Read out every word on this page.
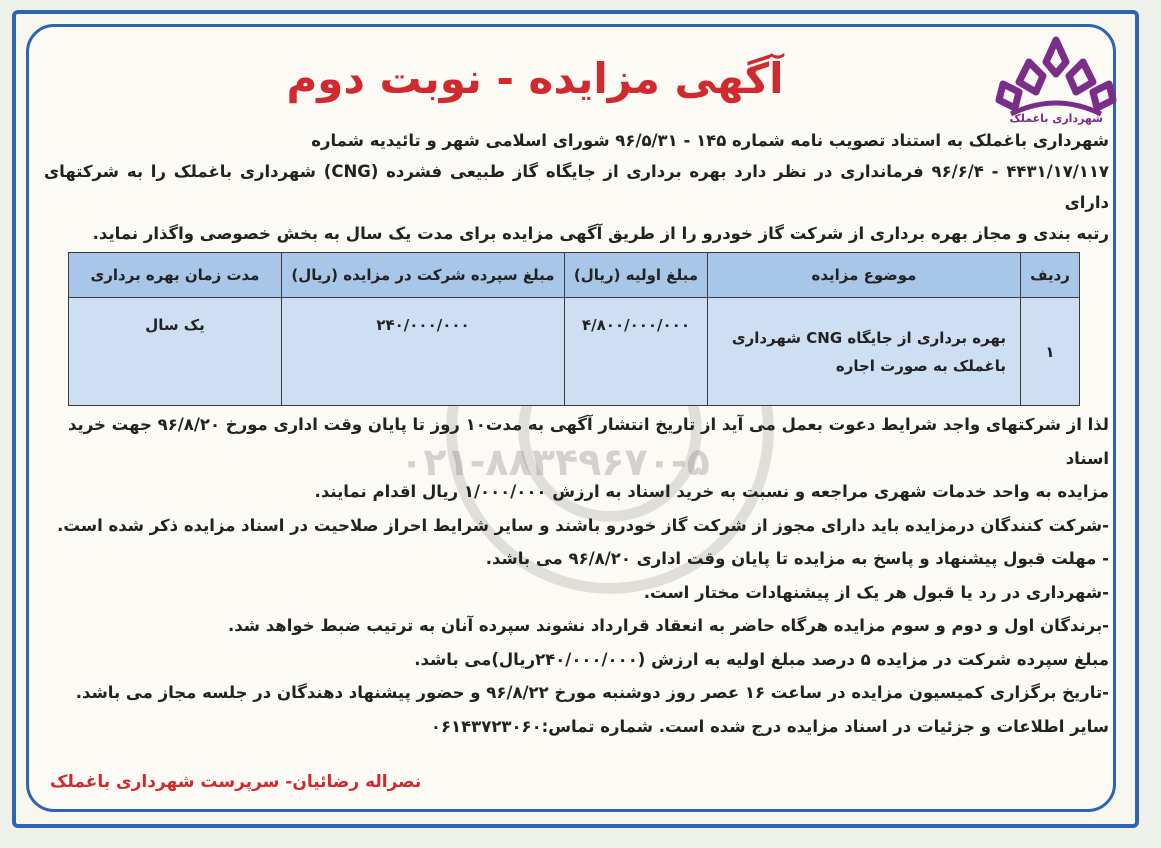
شهرداری باغملک
آگهی مزایده - نوبت دوم
شهرداری باغملک به استناد تصویب نامه شماره ۱۴۵ - ۹۶/۵/۳۱ شورای اسلامی شهر و تائیدیه شماره
۴۴۳۱/۱۷/۱۱۷ - ۹۶/۶/۴ فرمانداری در نظر دارد بهره برداری از جایگاه گاز طبیعی فشرده (CNG) شهرداری باغملک را به شرکتهای دارای
رتبه بندی و مجاز بهره برداری از شرکت گاز خودرو را از طریق آگهی مزایده برای مدت یک سال به بخش خصوصی واگذار نماید.
ردیف	موضوع مزایده	مبلغ اولیه (ریال)	مبلغ سپرده شرکت در مزایده (ریال)	مدت زمان بهره برداری
۱	بهره برداری از جایگاه CNG شهرداری
باغملک به صورت اجاره	۴/۸۰۰/۰۰۰/۰۰۰	۲۴۰/۰۰۰/۰۰۰	یک سال
۰۲۱-۸۸۳۴۹۶۷۰-۵

لذا از شرکتهای واجد شرایط دعوت بعمل می آید از تاریخ انتشار آگهی به مدت۱۰ روز تا پایان وقت اداری مورخ ۹۶/۸/۲۰ جهت خرید اسناد

مزایده به واحد خدمات شهری مراجعه و نسبت به خرید اسناد به ارزش ۱/۰۰۰/۰۰۰ ریال اقدام نمایند.

-شرکت کنندگان درمزایده باید دارای مجوز از شرکت گاز خودرو باشند و سایر شرایط احراز صلاحیت در اسناد مزایده ذکر شده است.

- مهلت قبول پیشنهاد و پاسخ به مزایده تا پایان وقت اداری ۹۶/۸/۲۰ می باشد.

-شهرداری در رد یا قبول هر یک از پیشنهادات مختار است.

-برندگان اول و دوم و سوم مزایده هرگاه حاضر به انعقاد قرارداد نشوند سپرده آنان به ترتیب ضبط خواهد شد.

مبلغ سپرده شرکت در مزایده ۵ درصد مبلغ اولیه به ارزش (۲۴۰/۰۰۰/۰۰۰ریال)می باشد.

-تاریخ برگزاری کمیسیون مزایده در ساعت ۱۶ عصر روز دوشنبه مورخ ۹۶/۸/۲۲ و حضور پیشنهاد دهندگان در جلسه مجاز می باشد.

سایر اطلاعات و جزئیات در اسناد مزایده درج شده است. شماره تماس:۰۶۱۴۳۷۲۳۰۶۰

نصراله رضائیان- سرپرست شهرداری باغملک
